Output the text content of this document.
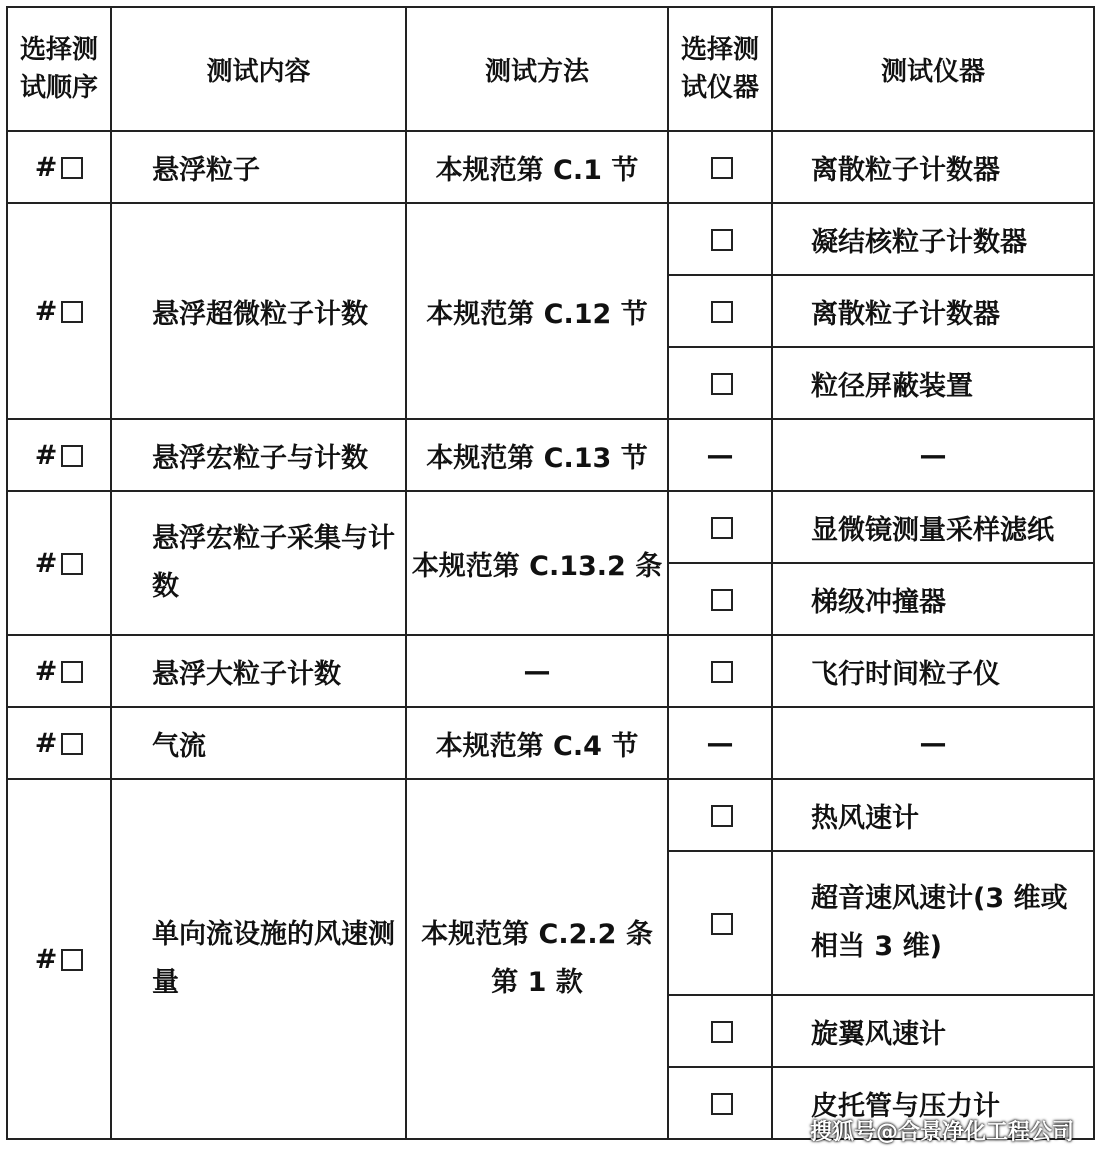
选择测试顺序	测试内容	测试方法	选择测试仪器	测试仪器
#	悬浮粒子	本规范第 C.1 节		离散粒子计数器
#	悬浮超微粒子计数	本规范第 C.12 节		凝结核粒子计数器
				离散粒子计数器
				粒径屏蔽装置
#	悬浮宏粒子与计数	本规范第 C.13 节	—	—
#	悬浮宏粒子采集与计数	本规范第 C.13.2 条		显微镜测量采样滤纸
				梯级冲撞器
#	悬浮大粒子计数	—		飞行时间粒子仪
#	气流	本规范第 C.4 节	—	—
#	单向流设施的风速测量	本规范第 C.2.2 条第 1 款		热风速计

				超音速风速计(3 维或相当 3 维)

				旋翼风速计
				皮托管与压力计
搜狐号@合景净化工程公司
